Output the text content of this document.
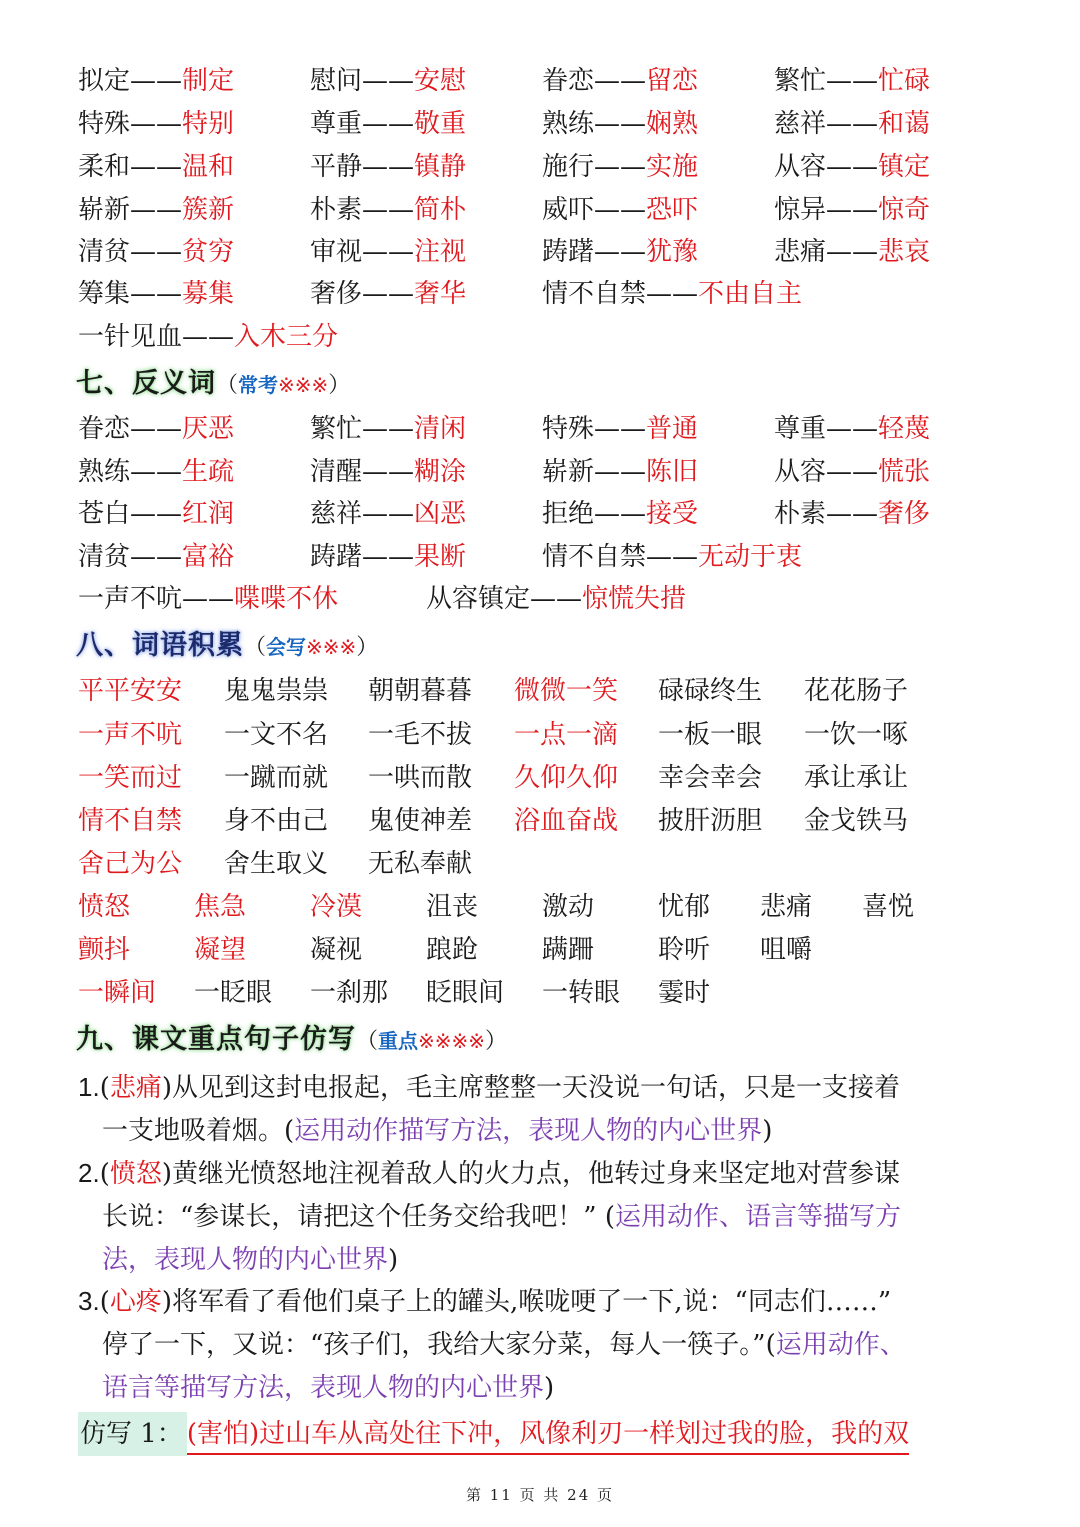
拟定——制定	慰问——安慰	眷恋——留恋	繁忙——忙碌
特殊——特别	尊重——敬重	熟练——娴熟	慈祥——和蔼
柔和——温和	平静——镇静	施行——实施	从容——镇定
崭新——簇新	朴素——简朴	威吓——恐吓	惊异——惊奇
清贫——贫穷	审视——注视	踌躇——犹豫	悲痛——悲哀
筹集——募集	奢侈——奢华	情不自禁——不由自主
一针见血——入木三分
七、反义词（常考※※※）
眷恋——厌恶	繁忙——清闲	特殊——普通	尊重——轻蔑
熟练——生疏	清醒——糊涂	崭新——陈旧	从容——慌张
苍白——红润	慈祥——凶恶	拒绝——接受	朴素——奢侈
清贫——富裕	踌躇——果断	情不自禁——无动于衷
一声不吭——喋喋不休	从容镇定——惊慌失措
八、词语积累（会写※※※）
平平安安 鬼鬼祟祟 朝朝暮暮 微微一笑 碌碌终生 花花肠子
一声不吭 一文不名 一毛不拔 一点一滴 一板一眼 一饮一啄
一笑而过 一蹴而就 一哄而散 久仰久仰 幸会幸会 承让承让
情不自禁 身不由己 鬼使神差 浴血奋战 披肝沥胆 金戈铁马
舍己为公 舍生取义 无私奉献
愤怒 焦急 冷漠 沮丧 激动 忧郁 悲痛 喜悦
颤抖 凝望 凝视 踉跄 蹒跚 聆听 咀嚼
一瞬间 一眨眼 一刹那 眨眼间 一转眼 霎时
九、课文重点句子仿写（重点※※※※）
1.(悲痛)从见到这封电报起，毛主席整整一天没说一句话，只是一支接着
一支地吸着烟。(运用动作描写方法，表现人物的内心世界)
2.(愤怒)黄继光愤怒地注视着敌人的火力点，他转过身来坚定地对营参谋
长说：“参谋长，请把这个任务交给我吧！” (运用动作、语言等描写方
法，表现人物的内心世界)
3.(心疼)将军看了看他们桌子上的罐头,喉咙哽了一下,说：“同志们……”
停了一下，又说：“孩子们，我给大家分菜，每人一筷子。”(运用动作、
语言等描写方法，表现人物的内心世界)
仿写 1： (害怕)过山车从高处往下冲，风像利刃一样划过我的脸，我的双
第 11 页 共 24 页
